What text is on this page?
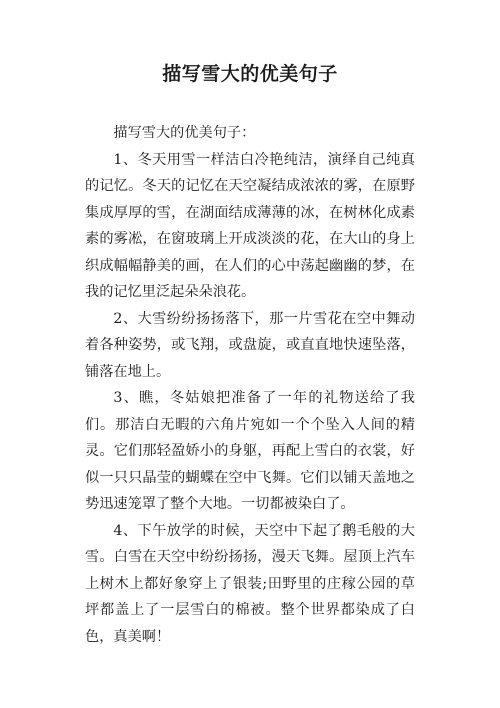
描写雪大的优美句子

描写雪大的优美句子：

1、冬天用雪一样洁白冷艳纯洁，演绎自己纯真的记忆。冬天的记忆在天空凝结成浓浓的雾，在原野集成厚厚的雪，在湖面结成薄薄的冰，在树林化成素素的雾凇，在窗玻璃上开成淡淡的花，在大山的身上织成幅幅静美的画，在人们的心中荡起幽幽的梦，在我的记忆里泛起朵朵浪花。

2、大雪纷纷扬扬落下，那一片雪花在空中舞动着各种姿势，或飞翔，或盘旋，或直直地快速坠落，铺落在地上。

3、瞧，冬姑娘把准备了一年的礼物送给了我们。那洁白无暇的六角片宛如一个个坠入人间的精灵。它们那轻盈娇小的身躯，再配上雪白的衣裳，好似一只只晶莹的蝴蝶在空中飞舞。它们以铺天盖地之势迅速笼罩了整个大地。一切都被染白了。

4、下午放学的时候，天空中下起了鹅毛般的大雪。白雪在天空中纷纷扬扬，漫天飞舞。屋顶上汽车上树木上都好象穿上了银装;田野里的庄稼公园的草坪都盖上了一层雪白的棉被。整个世界都染成了白色，真美啊！
